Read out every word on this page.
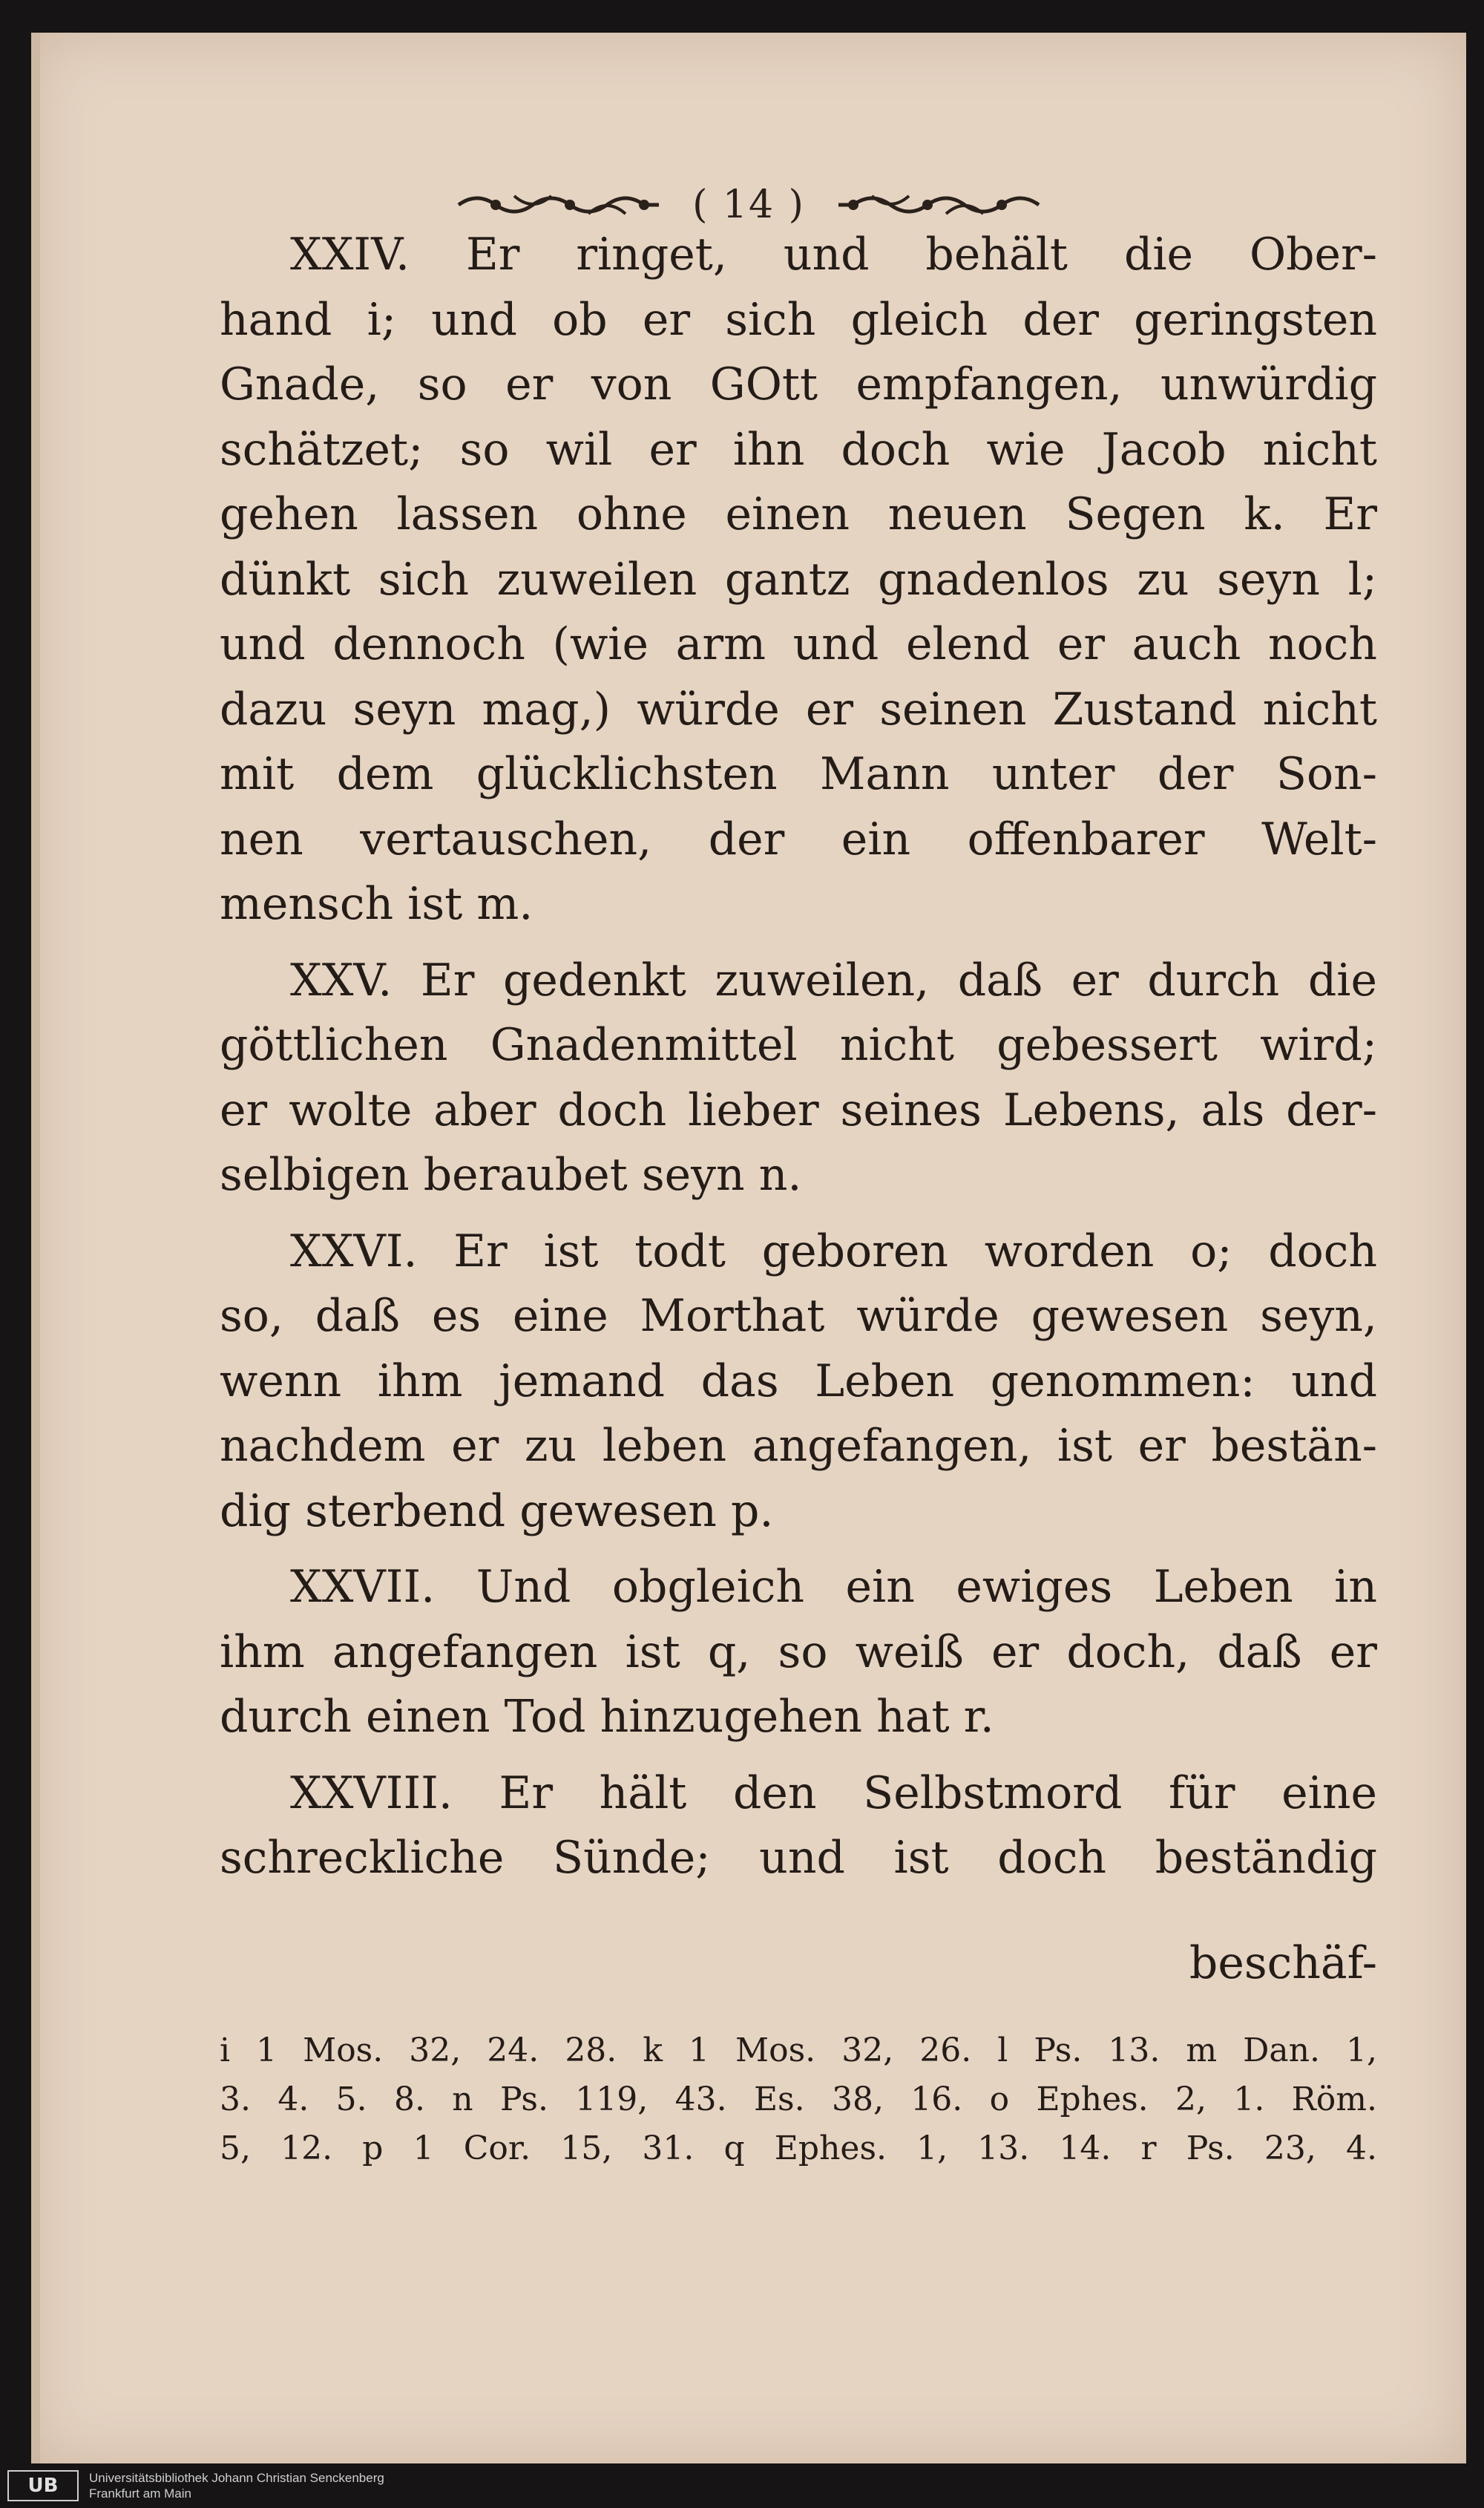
( 14 )

XXIV. Er ringet, und behält die Ober-
hand i; und ob er sich gleich der geringsten
Gnade, so er von GOtt empfangen, unwürdig
schätzet; so wil er ihn doch wie Jacob nicht
gehen lassen ohne einen neuen Segen k. Er
dünkt sich zuweilen gantz gnadenlos zu seyn l;
und dennoch (wie arm und elend er auch noch
dazu seyn mag,) würde er seinen Zustand nicht
mit dem glücklichsten Mann unter der Son-
nen vertauschen, der ein offenbarer Welt-
mensch ist m.

XXV. Er gedenkt zuweilen, daß er durch die
göttlichen Gnadenmittel nicht gebessert wird;
er wolte aber doch lieber seines Lebens, als der-
selbigen beraubet seyn n.

XXVI. Er ist todt geboren worden o; doch
so, daß es eine Morthat würde gewesen seyn,
wenn ihm jemand das Leben genommen: und
nachdem er zu leben angefangen, ist er bestän-
dig sterbend gewesen p.

XXVII. Und obgleich ein ewiges Leben in
ihm angefangen ist q, so weiß er doch, daß er
durch einen Tod hinzugehen hat r.

XXVIII. Er hält den Selbstmord für eine
schreckliche Sünde; und ist doch beständig

beschäf-
i 1 Mos. 32, 24. 28. k 1 Mos. 32, 26. l Ps. 13. m Dan. 1,
3. 4. 5. 8. n Ps. 119, 43. Es. 38, 16. o Ephes. 2, 1. Röm.
5, 12. p 1 Cor. 15, 31. q Ephes. 1, 13. 14. r Ps. 23, 4.
UB	Universitätsbibliothek Johann Christian Senckenberg
Frankfurt am Main
